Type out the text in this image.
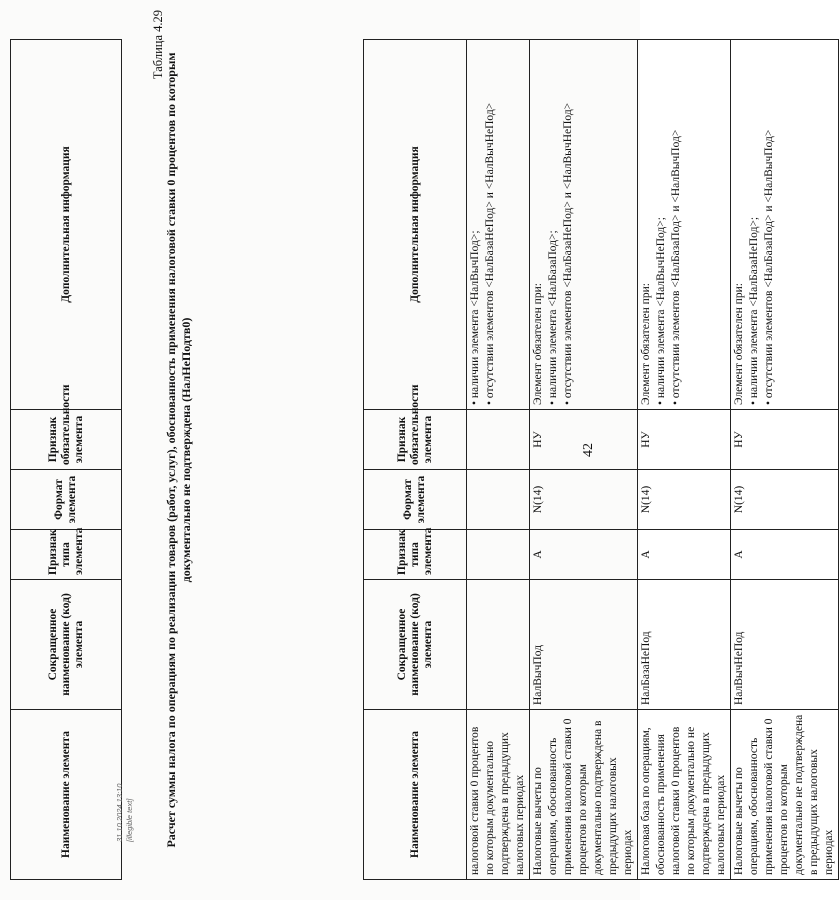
42
Наименование элемента	Сокращенное наименование (код) элемента	Признак типа элемента	Формат элемента	Признак обязательности элемента	Дополнительная информация
налоговой ставки 0 процентов по которым документально подтверждена в предыдущих налоговых периодах					• наличии элемента <НалВычПод>;
• отсутствии элементов <НалБазаНеПод> и <НалВычНеПод>

Налоговые вычеты по операциям, обоснованность применения налоговой ставки 0 процентов по которым документально подтверждена в предыдущих налоговых периодах	НалВычПод	А	N(14)	НУ	Элемент обязателен при:
• наличии элемента <НалБазаПод>;
• отсутствии элементов <НалБазаНеПод> и <НалВычНеПод>

Налоговая база по операциям, обоснованность применения налоговой ставки 0 процентов по которым документально не подтверждена в предыдущих налоговых периодах	НалБазаНеПод	А	N(14)	НУ	Элемент обязателен при:
• наличии элемента <НалВычНеПод>;
• отсутствии элементов <НалБазаПод> и <НалВычПод>

Налоговые вычеты по операциям, обоснованность применения налоговой ставки 0 процентов по которым документально не подтверждена в предыдущих налоговых периодах	НалВычНеПод	А	N(14)	НУ	Элемент обязателен при:
• наличии элемента <НалБазаНеПод>;
• отсутствии элементов <НалБазаПод> и <НалВычПод>

Таблица 4.29
Расчет суммы налога по операциям по реализации товаров (работ, услуг), обоснованность применения налоговой ставки 0 процентов по которым документально не подтверждена (НалНеПодтв0)
Наименование элемента	Сокращенное наименование (код) элемента	Признак типа элемента	Формат элемента	Признак обязательности элемента	Дополнительная информация
31.10.2024 13:10 [illegible text]
